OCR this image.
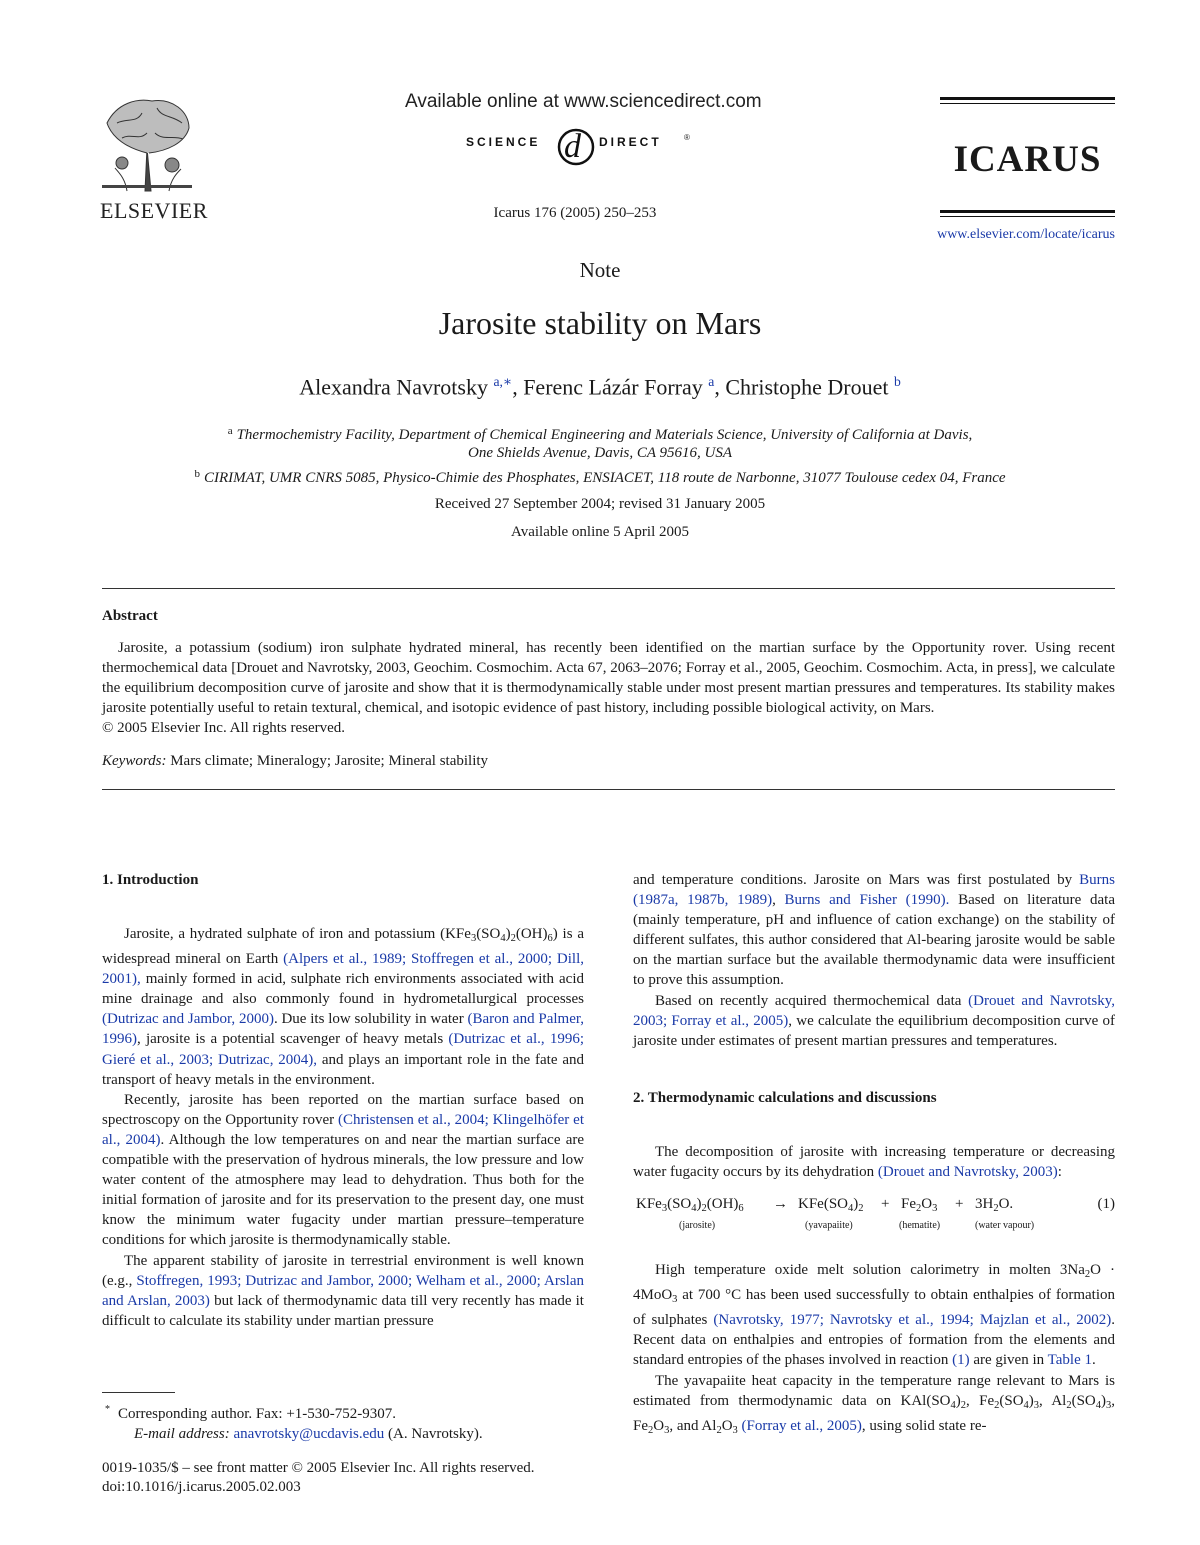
ELSEVIER
Available online at www.sciencedirect.com
SCIENCE d DIRECT	®
Icarus 176 (2005) 250–253
ICARUS
www.elsevier.com/locate/icarus
Note
Jarosite stability on Mars
Alexandra Navrotsky $^{a,∗}$, Ferenc Lázár Forray $^a$, Christophe Drouet $^b$
$^a$ Thermochemistry Facility, Department of Chemical Engineering and Materials Science, University of California at Davis,
One Shields Avenue, Davis, CA 95616, USA
$^b$ CIRIMAT, UMR CNRS 5085, Physico-Chimie des Phosphates, ENSIACET, 118 route de Narbonne, 31077 Toulouse cedex 04, France
Received 27 September 2004; revised 31 January 2005
Available online 5 April 2005
Abstract
Jarosite, a potassium (sodium) iron sulphate hydrated mineral, has recently been identified on the martian surface by the Opportunity rover. Using recent thermochemical data [Drouet and Navrotsky, 2003, Geochim. Cosmochim. Acta 67, 2063–2076; Forray et al., 2005, Geochim. Cosmochim. Acta, in press], we calculate the equilibrium decomposition curve of jarosite and show that it is thermodynamically stable under most present martian pressures and temperatures. Its stability makes jarosite potentially useful to retain textural, chemical, and isotopic evidence of past history, including possible biological activity, on Mars.
© 2005 Elsevier Inc. All rights reserved.
Keywords: Mars climate; Mineralogy; Jarosite; Mineral stability
1. Introduction

Jarosite, a hydrated sulphate of iron and potassium $(KFe_3(SO_4)_2(OH)_6)$ is a widespread mineral on Earth (Alpers et al., 1989; Stoffregen et al., 2000; Dill, 2001), mainly formed in acid, sulphate rich environments associated with acid mine drainage and also commonly found in hydrometallurgical processes (Dutrizac and Jambor, 2000). Due its low solubility in water (Baron and Palmer, 1996), jarosite is a potential scavenger of heavy metals (Dutrizac et al., 1996; Gieré et al., 2003; Dutrizac, 2004), and plays an important role in the fate and transport of heavy metals in the environment.

Recently, jarosite has been reported on the martian surface based on spectroscopy on the Opportunity rover (Christensen et al., 2004; Klingelhöfer et al., 2004). Although the low temperatures on and near the martian surface are compatible with the preservation of hydrous minerals, the low pressure and low water content of the atmosphere may lead to dehydration. Thus both for the initial formation of jarosite and for its preservation to the present day, one must know the minimum water fugacity under martian pressure–temperature conditions for which jarosite is thermodynamically stable.

The apparent stability of jarosite in terrestrial environment is well known (e.g., Stoffregen, 1993; Dutrizac and Jambor, 2000; Welham et al., 2000; Arslan and Arslan, 2003) but lack of thermodynamic data till very recently has made it difficult to calculate its stability under martian pressure

and temperature conditions. Jarosite on Mars was first postulated by Burns (1987a, 1987b, 1989), Burns and Fisher (1990). Based on literature data (mainly temperature, pH and influence of cation exchange) on the stability of different sulfates, this author considered that Al-bearing jarosite would be sable on the martian surface but the available thermodynamic data were insufficient to prove this assumption.

Based on recently acquired thermochemical data (Drouet and Navrotsky, 2003; Forray et al., 2005), we calculate the equilibrium decomposition curve of jarosite under estimates of present martian pressures and temperatures.

2. Thermodynamic calculations and discussions

The decomposition of jarosite with increasing temperature or decreasing water fugacity occurs by its dehydration (Drouet and Navrotsky, 2003):

$KFe_3(SO_4)_2(OH)_6 \to KFe(SO_4)_2 + Fe_2O_3 + 3H_2O$.	(1)
(jarosite)	(yavapaiite)	(hematite)	(water vapour)

High temperature oxide melt solution calorimetry in molten $3Na_2O \cdot 4MoO_3$ at 700 °C has been used successfully to obtain enthalpies of formation of sulphates (Navrotsky, 1977; Navrotsky et al., 1994; Majzlan et al., 2002). Recent data on enthalpies and entropies of formation from the elements and standard entropies of the phases involved in reaction (1) are given in Table 1.

The yavapaiite heat capacity in the temperature range relevant to Mars is estimated from thermodynamic data on $KAl(SO_4)_2$, $Fe_2(SO_4)_3$, $Al_2(SO_4)_3$, $Fe_2O_3$, and $Al_2O_3$ (Forray et al., 2005), using solid state re-

* Corresponding author. Fax: +1-530-752-9307.
E-mail address: anavrotsky@ucdavis.edu (A. Navrotsky).
0019-1035/$ – see front matter © 2005 Elsevier Inc. All rights reserved.
doi:10.1016/j.icarus.2005.02.003
